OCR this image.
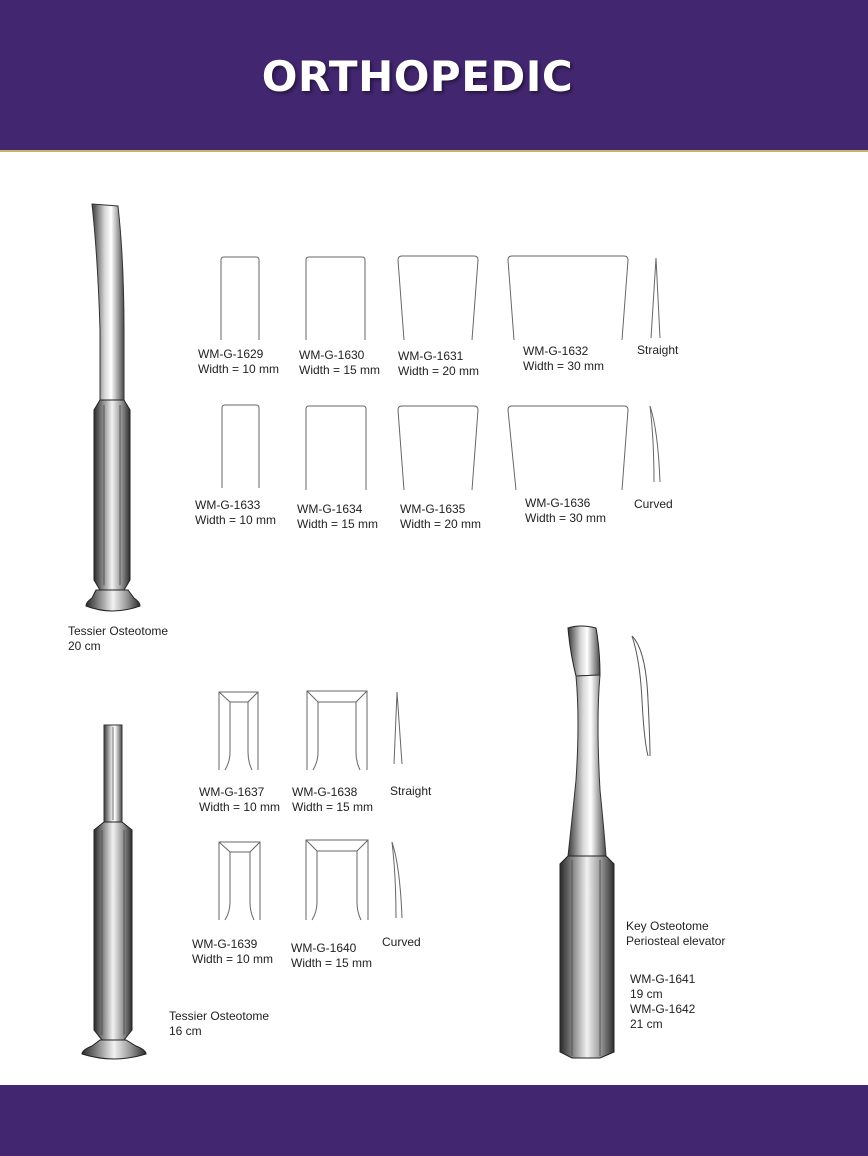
ORTHOPEDIC
Tessier Osteotome
20 cm
WM-G-1629
Width = 10 mm
WM-G-1630
Width = 15 mm
WM-G-1631
Width = 20 mm
WM-G-1632
Width = 30 mm
Straight
WM-G-1633
Width = 10 mm
WM-G-1634
Width = 15 mm
WM-G-1635
Width = 20 mm
WM-G-1636
Width = 30 mm
Curved
WM-G-1637
Width = 10 mm
WM-G-1638
Width = 15 mm
Straight
WM-G-1639
Width = 10 mm
WM-G-1640
Width = 15 mm
Curved
Tessier Osteotome
16 cm
Key Osteotome
Periosteal elevator
WM-G-1641
19 cm
WM-G-1642
21 cm
